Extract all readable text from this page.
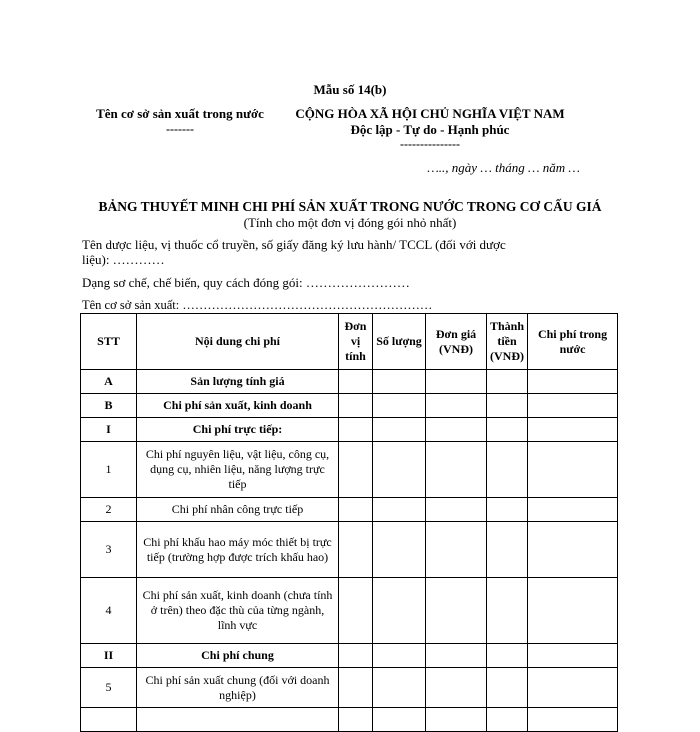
Mẫu số 14(b)
Tên cơ sở sản xuất trong nước
-------
CỘNG HÒA XÃ HỘI CHỦ NGHĨA VIỆT NAM
Độc lập - Tự do - Hạnh phúc
---------------
….., ngày … tháng … năm …
BẢNG THUYẾT MINH CHI PHÍ SẢN XUẤT TRONG NƯỚC TRONG CƠ CẤU GIÁ
(Tính cho một đơn vị đóng gói nhỏ nhất)
Tên dược liệu, vị thuốc cổ truyền, số giấy đăng ký lưu hành/ TCCL (đối với dược
liệu): …………
Dạng sơ chế, chế biến, quy cách đóng gói: ……………………
Tên cơ sở sản xuất: ……………………………………………………
STT	Nội dung chi phí	Đơn vị tính	Số lượng	Đơn giá (VNĐ)	Thành tiền (VNĐ)	Chi phí trong nước
A	Sản lượng tính giá					
B	Chi phí sản xuất, kinh doanh					
I	Chi phí trực tiếp:					
1	Chi phí nguyên liệu, vật liệu, công cụ, dụng cụ, nhiên liệu, năng lượng trực tiếp					
2	Chi phí nhân công trực tiếp					
3	Chi phí khấu hao máy móc thiết bị trực tiếp (trường hợp được trích khấu hao)					
4	Chi phí sản xuất, kinh doanh (chưa tính ở trên) theo đặc thù của từng ngành, lĩnh vực					
II	Chi phí chung					
5	Chi phí sản xuất chung (đối với doanh nghiệp)					
